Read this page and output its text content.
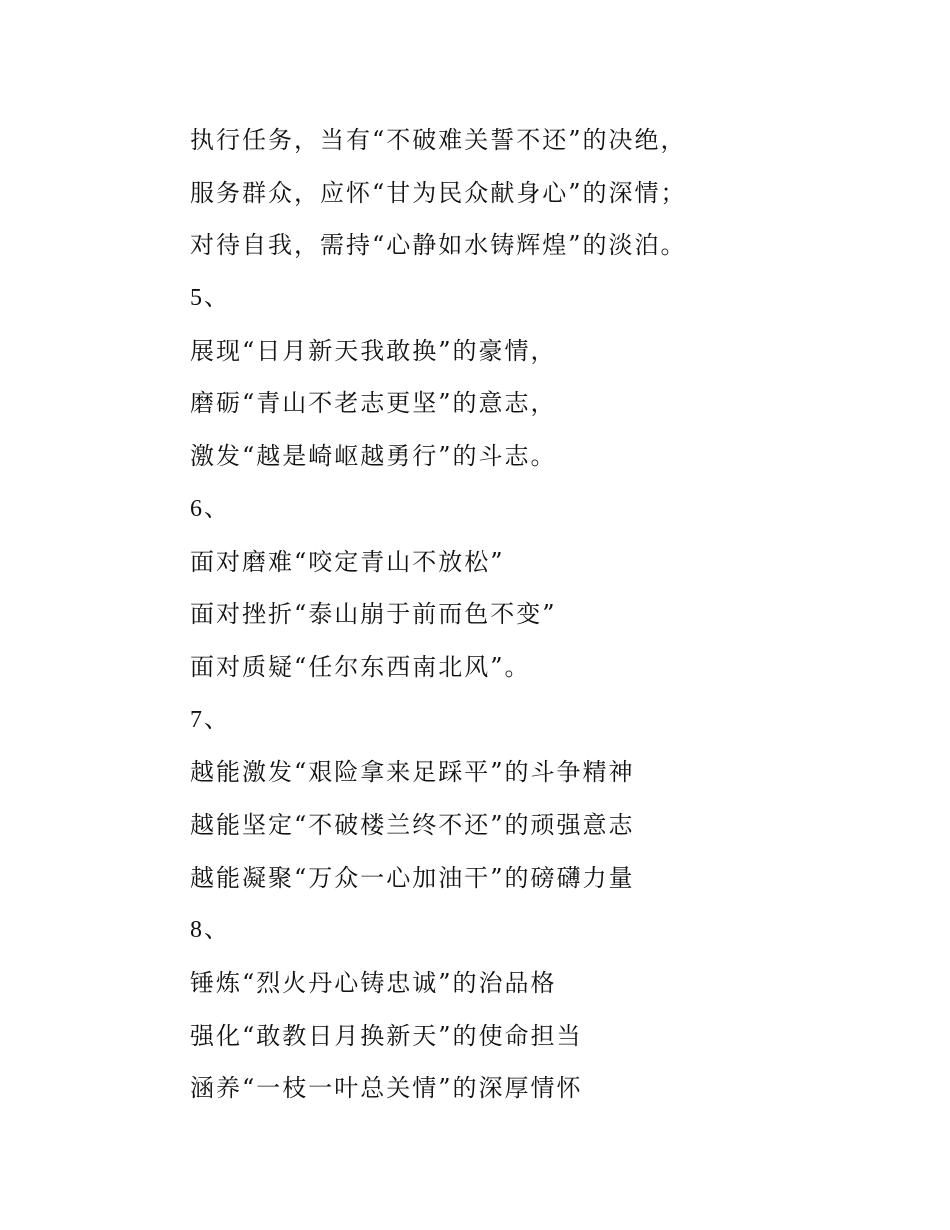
执行任务，当有“不破难关誓不还”的决绝，
服务群众，应怀“甘为民众献身心”的深情；
对待自我，需持“心静如水铸辉煌”的淡泊。
5、
展现“日月新天我敢换”的豪情，
磨砺“青山不老志更坚”的意志，
激发“越是崎岖越勇行”的斗志。
6、
面对磨难“咬定青山不放松”
面对挫折“泰山崩于前而色不变”
面对质疑“任尔东西南北风”。
7、
越能激发“艰险拿来足踩平”的斗争精神
越能坚定“不破楼兰终不还”的顽强意志
越能凝聚“万众一心加油干”的磅礴力量
8、
锤炼“烈火丹心铸忠诚”的治品格
强化“敢教日月换新天”的使命担当
涵养“一枝一叶总关情”的深厚情怀
